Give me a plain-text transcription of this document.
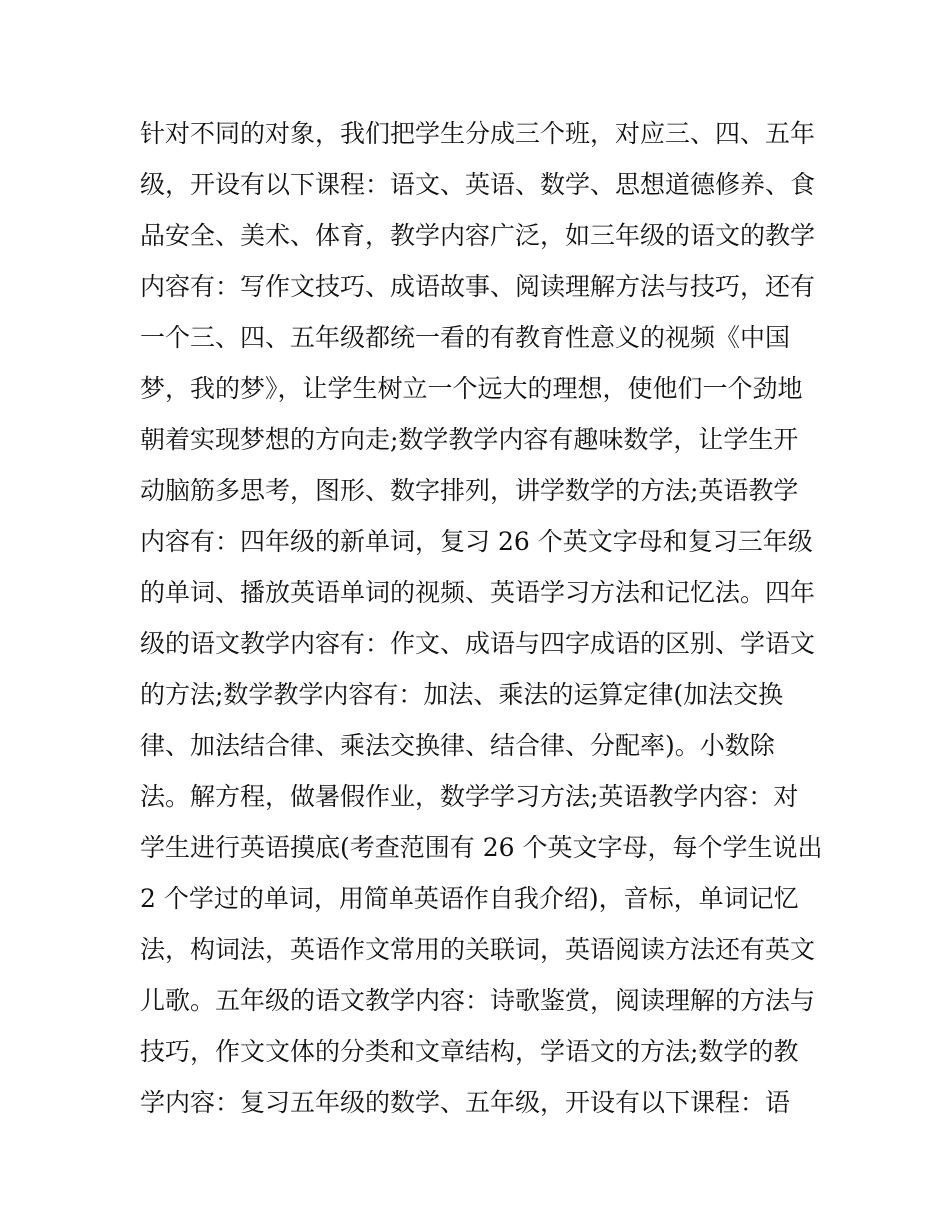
针对不同的对象，我们把学生分成三个班，对应三、四、五年
级，开设有以下课程：语文、英语、数学、思想道德修养、食
品安全、美术、体育，教学内容广泛，如三年级的语文的教学
内容有：写作文技巧、成语故事、阅读理解方法与技巧，还有
一个三、四、五年级都统一看的有教育性意义的视频《中国
梦，我的梦》，让学生树立一个远大的理想，使他们一个劲地
朝着实现梦想的方向走;数学教学内容有趣味数学，让学生开
动脑筋多思考，图形、数字排列，讲学数学的方法;英语教学
内容有：四年级的新单词，复习 26 个英文字母和复习三年级
的单词、播放英语单词的视频、英语学习方法和记忆法。四年
级的语文教学内容有：作文、成语与四字成语的区别、学语文
的方法;数学教学内容有：加法、乘法的运算定律(加法交换
律、加法结合律、乘法交换律、结合律、分配率)。小数除
法。解方程，做暑假作业，数学学习方法;英语教学内容：对
学生进行英语摸底(考查范围有 26 个英文字母，每个学生说出
2 个学过的单词，用简单英语作自我介绍)，音标，单词记忆
法，构词法，英语作文常用的关联词，英语阅读方法还有英文
儿歌。五年级的语文教学内容：诗歌鉴赏，阅读理解的方法与
技巧，作文文体的分类和文章结构，学语文的方法;数学的教
学内容：复习五年级的数学、五年级，开设有以下课程：语
